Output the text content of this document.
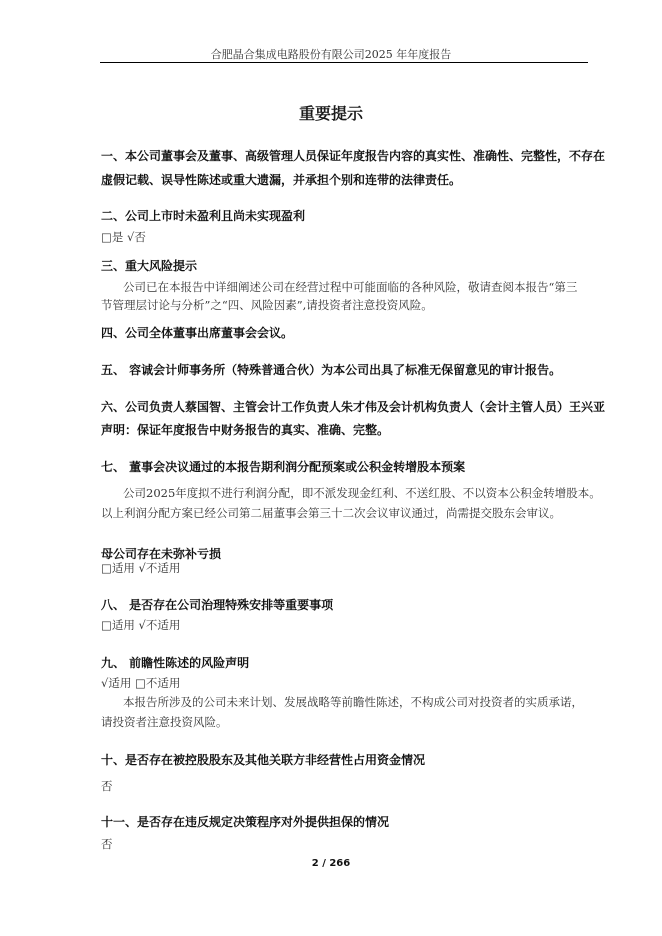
合肥晶合集成电路股份有限公司2025 年年度报告
重要提示
一、本公司董事会及董事、高级管理人员保证年度报告内容的真实性、准确性、完整性，不存在
虚假记载、误导性陈述或重大遗漏，并承担个别和连带的法律责任。
二、公司上市时未盈利且尚未实现盈利
□是 √否
三、重大风险提示
公司已在本报告中详细阐述公司在经营过程中可能面临的各种风险，敬请查阅本报告“第三
节管理层讨论与分析”之“四、风险因素”,请投资者注意投资风险。
四、公司全体董事出席董事会会议。
五、 容诚会计师事务所（特殊普通合伙）为本公司出具了标准无保留意见的审计报告。
六、公司负责人蔡国智、主管会计工作负责人朱才伟及会计机构负责人（会计主管人员）王兴亚
声明：保证年度报告中财务报告的真实、准确、完整。
七、 董事会决议通过的本报告期利润分配预案或公积金转增股本预案
公司2025年度拟不进行利润分配，即不派发现金红利、不送红股、不以资本公积金转增股本。
以上利润分配方案已经公司第二届董事会第三十二次会议审议通过，尚需提交股东会审议。
母公司存在未弥补亏损
□适用 √不适用
八、 是否存在公司治理特殊安排等重要事项
□适用 √不适用
九、 前瞻性陈述的风险声明
√适用 □不适用
本报告所涉及的公司未来计划、发展战略等前瞻性陈述，不构成公司对投资者的实质承诺，
请投资者注意投资风险。
十、是否存在被控股股东及其他关联方非经营性占用资金情况
否
十一、是否存在违反规定决策程序对外提供担保的情况
否
2 / 266
